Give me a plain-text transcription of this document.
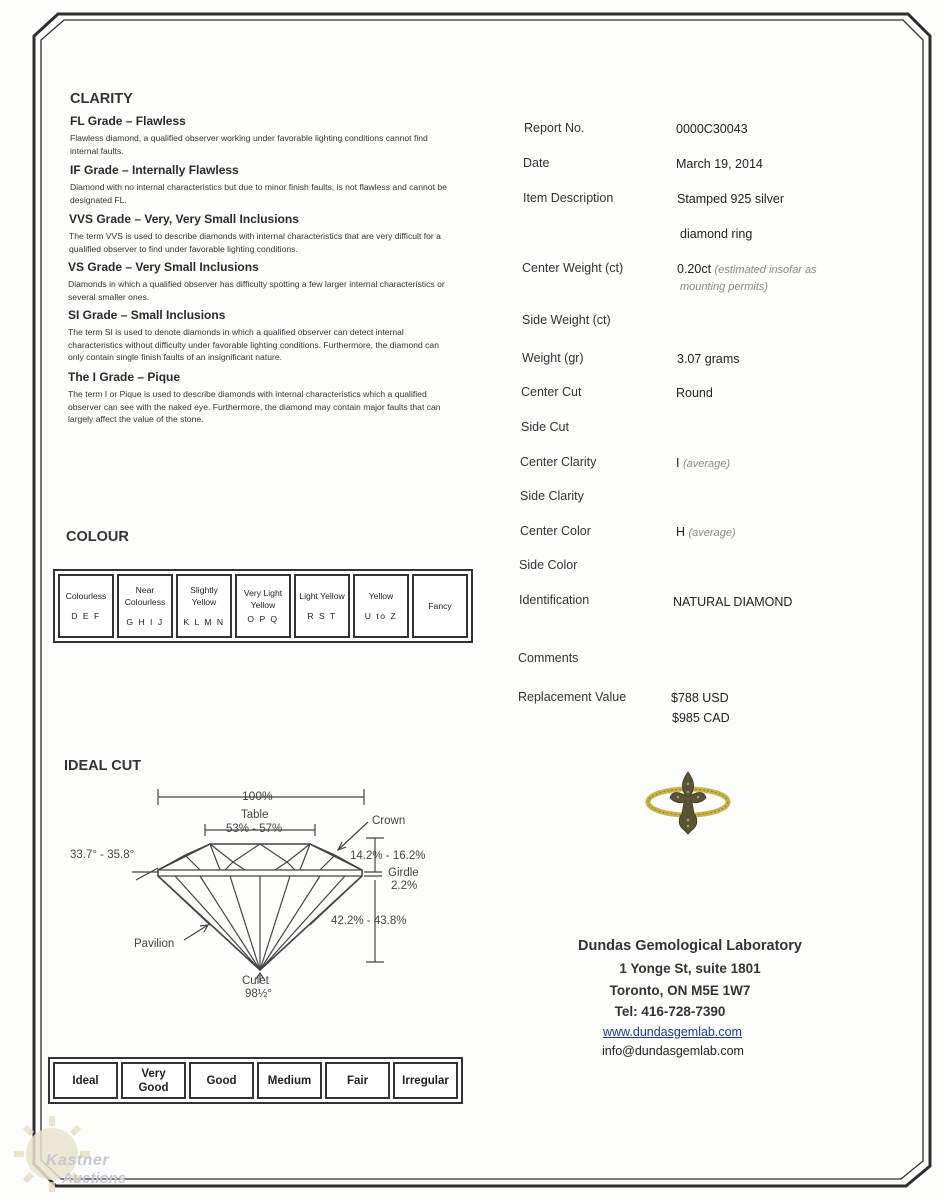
CLARITY
FL Grade – Flawless
Flawless diamond, a qualified observer working under favorable lighting conditions cannot find internal faults.
IF Grade – Internally Flawless
Diamond with no internal characteristics but due to minor finish faults, is not flawless and cannot be designated FL.
VVS Grade – Very, Very Small Inclusions
The term VVS is used to describe diamonds with internal characteristics that are very difficult for a qualified observer to find under favorable lighting conditions.
VS Grade – Very Small Inclusions
Diamonds in which a qualified observer has difficulty spotting a few larger internal characteristics or several smaller ones.
SI Grade – Small Inclusions
The term SI is used to denote diamonds in which a qualified observer can detect internal characteristics without difficulty under favorable lighting conditions. Furthermore, the diamond can only contain single finish faults of an insignificant nature.
The I Grade – Pique
The term I or Pique is used to describe diamonds with internal characteristics which a qualified observer can see with the naked eye. Furthermore, the diamond may contain major faults that can largely affect the value of the stone.
COLOUR
Colourless
D E F
	Near Colourless
G H I J
	Slightly Yellow
K L M N
	Very Light Yellow
O P Q
	Light Yellow
R S T
	Yellow
U to Z
	Fancy
IDEAL CUT
100%
Table
53% - 57%
Crown
33.7° - 35.8°	14.2% - 16.2%
Girdle
2.2%
42.2% - 43.8%
Pavilion
Culet
98½°
Ideal	Very Good	Good	Medium	Fair	Irregular
Report No.	0000C30043
Date	March 19, 2014
Item Description	Stamped 925 silver
diamond ring
Center Weight (ct)	0.20ct (estimated insofar as
mounting permits)
Side Weight (ct)
Weight (gr)	3.07 grams
Center Cut	Round
Side Cut
Center Clarity	I (average)
Side Clarity
Center Color	H (average)
Side Color
Identification	NATURAL DIAMOND
Comments
Replacement Value	$788 USD
$985 CAD
Dundas Gemological Laboratory
1 Yonge St, suite 1801
Toronto, ON M5E 1W7
Tel: 416-728-7390
www.dundasgemlab.com
info@dundasgemlab.com
Kastner
Auctions
